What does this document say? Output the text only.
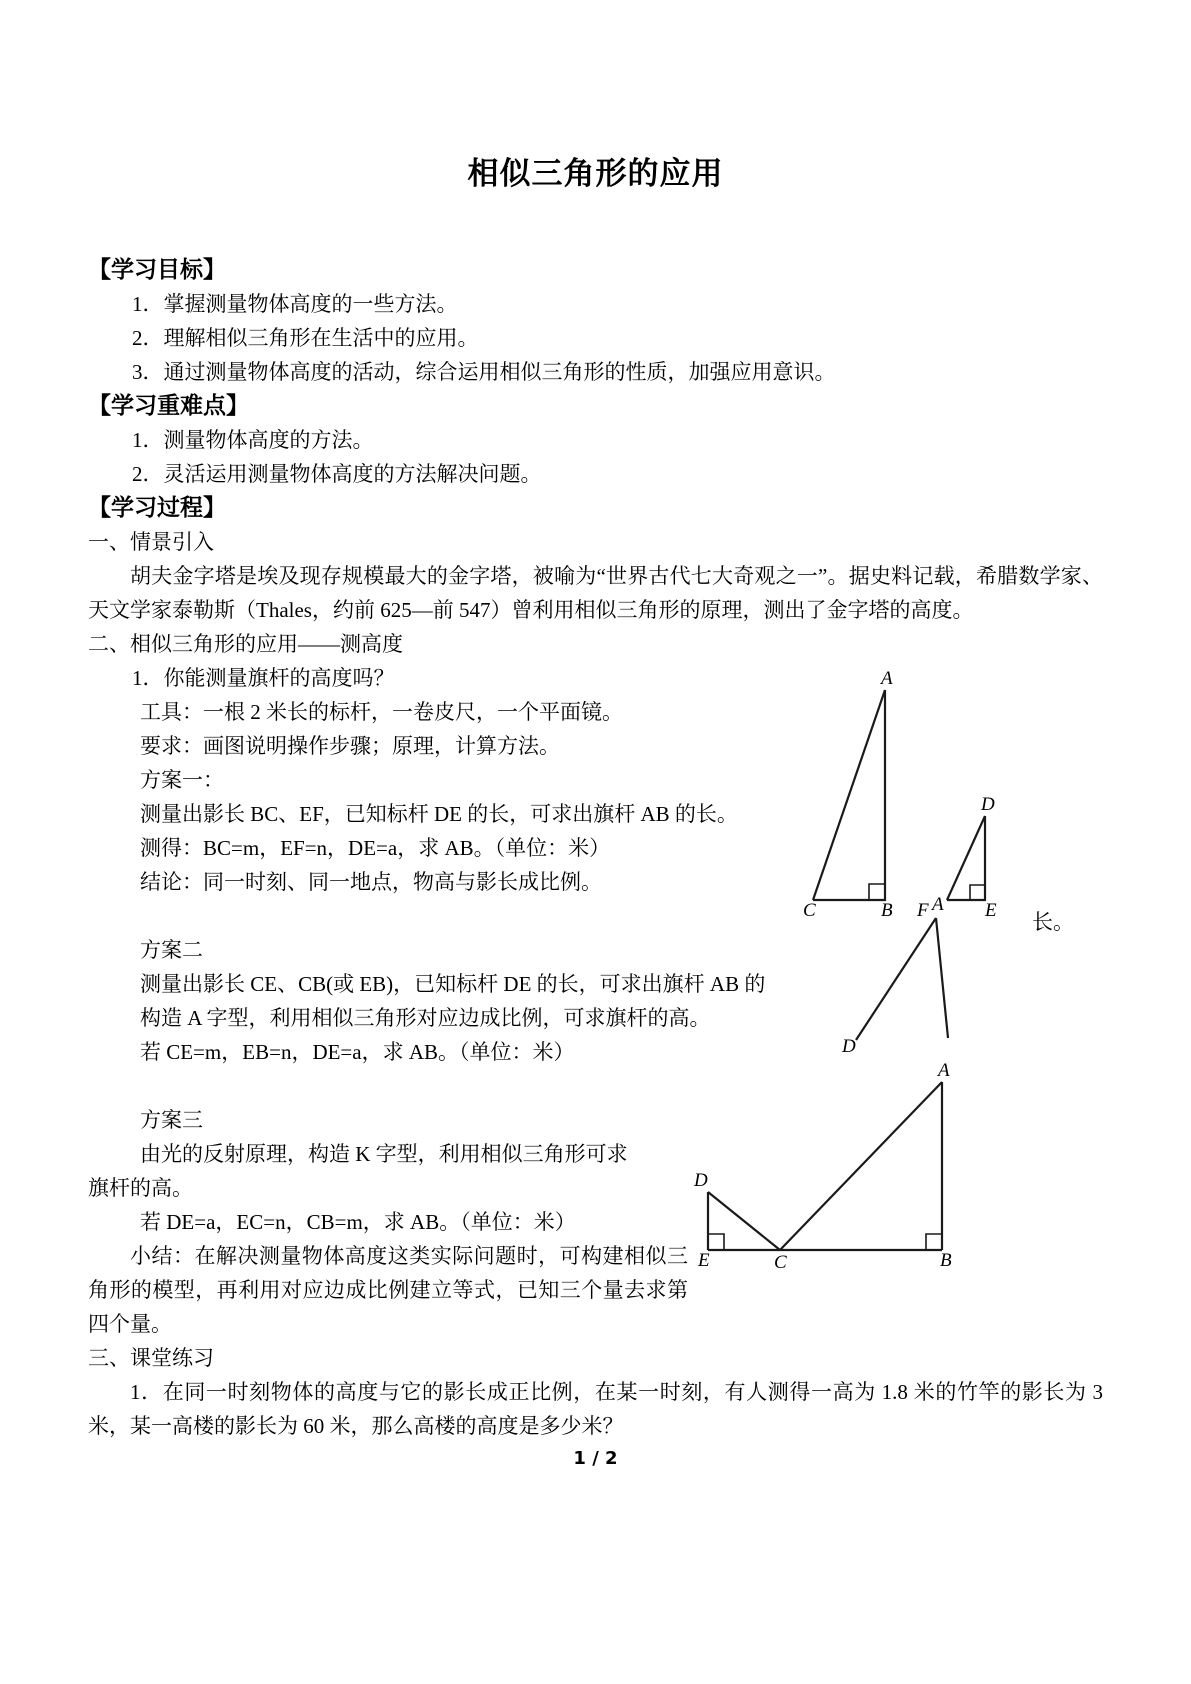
相似三角形的应用
【学习目标】
1．掌握测量物体高度的一些方法。
2．理解相似三角形在生活中的应用。
3．通过测量物体高度的活动，综合运用相似三角形的性质，加强应用意识。
【学习重难点】
1．测量物体高度的方法。
2．灵活运用测量物体高度的方法解决问题。
【学习过程】
一、情景引入
胡夫金字塔是埃及现存规模最大的金字塔，被喻为“世界古代七大奇观之一”。据史料记载，希腊数学家、天文学家泰勒斯（Thales，约前 625—前 547）曾利用相似三角形的原理，测出了金字塔的高度。
二、相似三角形的应用——测高度
1．你能测量旗杆的高度吗？
工具：一根 2 米长的标杆，一卷皮尺，一个平面镜。
要求：画图说明操作步骤；原理，计算方法。
方案一：
测量出影长 BC、EF，已知标杆 DE 的长，可求出旗杆 AB 的长。
测得：BC=m，EF=n，DE=a，求 AB。（单位：米）
结论：同一时刻、同一地点，物高与影长成比例。
方案二
测量出影长 CE、CB(或 EB)，已知标杆 DE 的长，可求出旗杆 AB 的
构造 A 字型，利用相似三角形对应边成比例，可求旗杆的高。
若 CE=m，EB=n，DE=a，求 AB。（单位：米）
方案三
由光的反射原理，构造 K 字型，利用相似三角形可求
旗杆的高。
若 DE=a，EC=n，CB=m，求 AB。（单位：米）
小结：在解决测量物体高度这类实际问题时，可构建相似三角形的模型，再利用对应边成比例建立等式，已知三个量去求第四个量。
三、课堂练习
1．在同一时刻物体的高度与它的影长成正比例，在某一时刻，有人测得一高为 1.8 米的竹竿的影长为 3 米，某一高楼的影长为 60 米，那么高楼的高度是多少米？
A
D
C	B F	E
A
D
A
D
E	C	B
长。
1 / 2
